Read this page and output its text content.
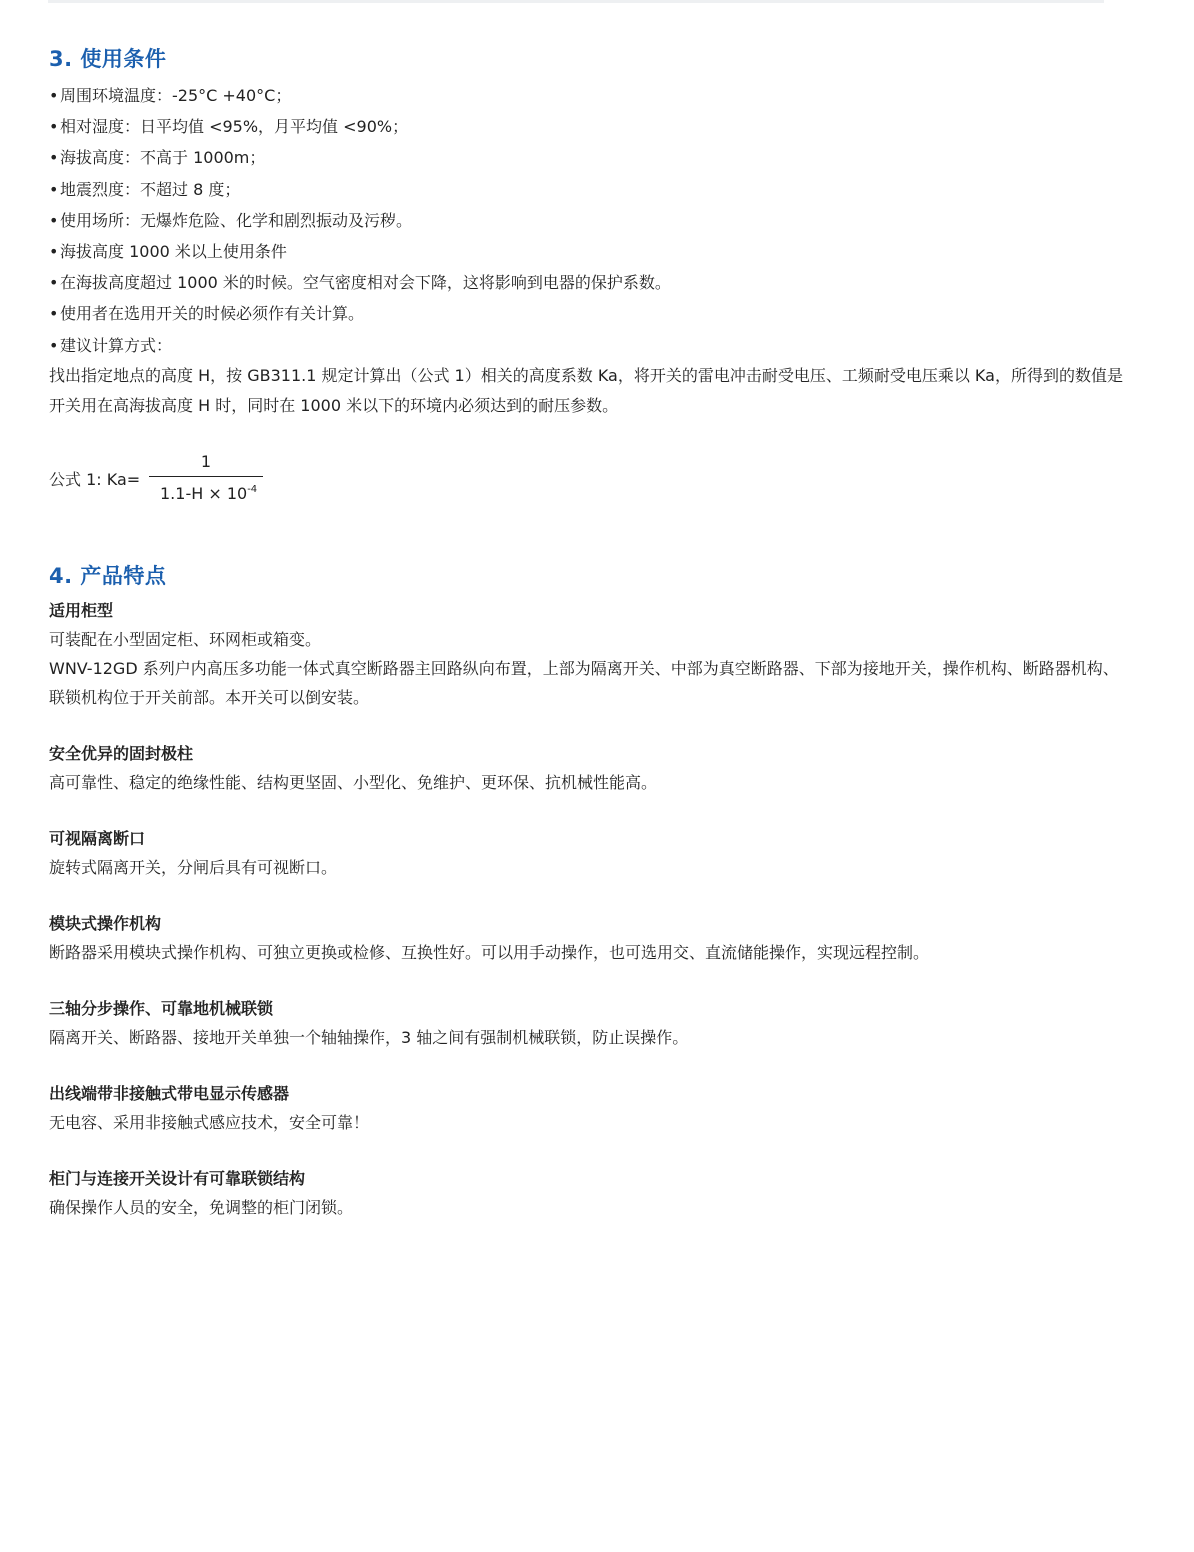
3. 使用条件
• 周围环境温度：-25°C +40°C；
• 相对湿度：日平均值 <95%，月平均值 <90%；
• 海拔高度：不高于 1000m；
• 地震烈度：不超过 8 度；
• 使用场所：无爆炸危险、化学和剧烈振动及污秽。
• 海拔高度 1000 米以上使用条件
• 在海拔高度超过 1000 米的时候。空气密度相对会下降，这将影响到电器的保护系数。
• 使用者在选用开关的时候必须作有关计算。
• 建议计算方式：

找出指定地点的高度 H，按 GB311.1 规定计算出（公式 1）相关的高度系数 Ka，将开关的雷电冲击耐受电压、工频耐受电压乘以 Ka，所得到的数值是开关用在高海拔高度 H 时，同时在 1000 米以下的环境内必须达到的耐压参数。

公式 1: Ka=
1
$1.1-H \times 10^{-4}$
4. 产品特点
适用柜型

可装配在小型固定柜、环网柜或箱变。

WNV-12GD 系列户内高压多功能一体式真空断路器主回路纵向布置，上部为隔离开关、中部为真空断路器、下部为接地开关，操作机构、断路器机构、联锁机构位于开关前部。本开关可以倒安装。

安全优异的固封极柱

高可靠性、稳定的绝缘性能、结构更坚固、小型化、免维护、更环保、抗机械性能高。

可视隔离断口

旋转式隔离开关，分闸后具有可视断口。

模块式操作机构

断路器采用模块式操作机构、可独立更换或检修、互换性好。可以用手动操作，也可选用交、直流储能操作，实现远程控制。

三轴分步操作、可靠地机械联锁

隔离开关、断路器、接地开关单独一个轴轴操作，3 轴之间有强制机械联锁，防止误操作。

出线端带非接触式带电显示传感器

无电容、采用非接触式感应技术，安全可靠！

柜门与连接开关设计有可靠联锁结构

确保操作人员的安全，免调整的柜门闭锁。
